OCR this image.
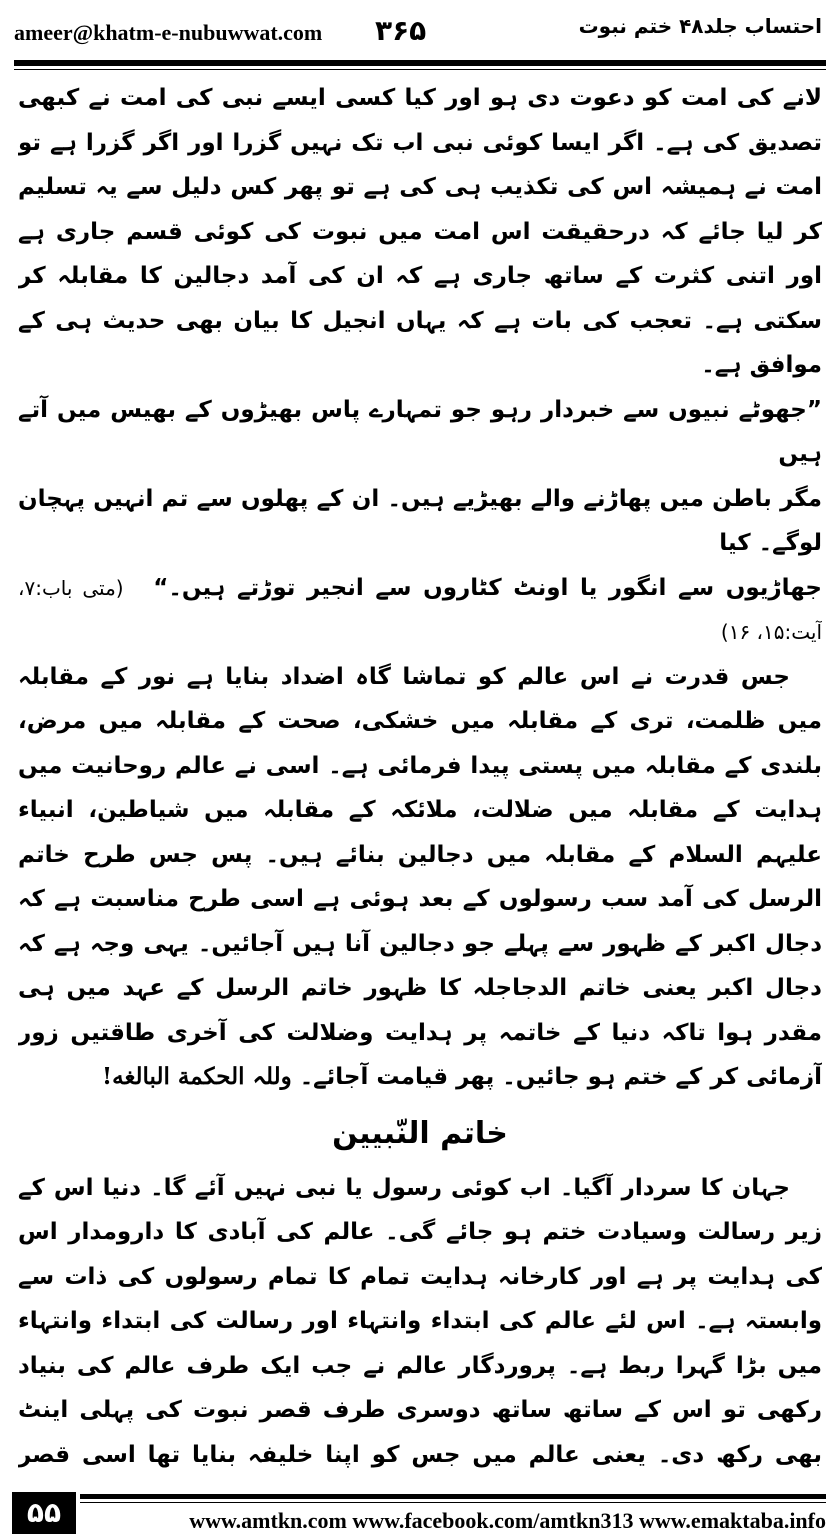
ameer@khatm-e-nubuwwat.com ۳۶۵	احتساب جلد۴۸ ختم نبوت

لانے کی امت کو دعوت دی ہو اور کیا کسی ایسے نبی کی امت نے کبھی تصدیق کی ہے۔ اگر ایسا کوئی نبی اب تک نہیں گزرا اور اگر گزرا ہے تو امت نے ہمیشہ اس کی تکذیب ہی کی ہے تو پھر کس دلیل سے یہ تسلیم کر لیا جائے کہ درحقیقت اس امت میں نبوت کی کوئی قسم جاری ہے اور اتنی کثرت کے ساتھ جاری ہے کہ ان کی آمد دجالین کا مقابلہ کر سکتی ہے۔ تعجب کی بات ہے کہ یہاں انجیل کا بیان بھی حدیث ہی کے موافق ہے۔

”جھوٹے نبیوں سے خبردار رہو جو تمہارے پاس بھیڑوں کے بھیس میں آتے ہیں
مگر باطن میں پھاڑنے والے بھیڑیے ہیں۔ ان کے پھلوں سے تم انہیں پہچان لوگے۔ کیا
جھاڑیوں سے انگور یا اونٹ کٹاروں سے انجیر توڑتے ہیں۔“ (متی باب:۷، آیت:۱۵، ۱۶)

جس قدرت نے اس عالم کو تماشا گاہ اضداد بنایا ہے نور کے مقابلہ میں ظلمت، تری کے مقابلہ میں خشکی، صحت کے مقابلہ میں مرض، بلندی کے مقابلہ میں پستی پیدا فرمائی ہے۔ اسی نے عالم روحانیت میں ہدایت کے مقابلہ میں ضلالت، ملائکہ کے مقابلہ میں شیاطین، انبیاء علیہم السلام کے مقابلہ میں دجالین بنائے ہیں۔ پس جس طرح خاتم الرسل کی آمد سب رسولوں کے بعد ہوئی ہے اسی طرح مناسبت ہے کہ دجال اکبر کے ظہور سے پہلے جو دجالین آنا ہیں آجائیں۔ یہی وجہ ہے کہ دجال اکبر یعنی خاتم الدجاجلہ کا ظہور خاتم الرسل کے عہد میں ہی مقدر ہوا تاکہ دنیا کے خاتمہ پر ہدایت وضلالت کی آخری طاقتیں زور آزمائی کر کے ختم ہو جائیں۔ پھر قیامت آجائے۔ وللہ الحکمة البالغه!

خاتم النّبیین

جہان کا سردار آگیا۔ اب کوئی رسول یا نبی نہیں آئے گا۔ دنیا اس کے زیر رسالت وسیادت ختم ہو جائے گی۔ عالم کی آبادی کا دارومدار اس کی ہدایت پر ہے اور کارخانہ ہدایت تمام کا تمام رسولوں کی ذات سے وابستہ ہے۔ اس لئے عالم کی ابتداء وانتہاء اور رسالت کی ابتداء وانتہاء میں بڑا گہرا ربط ہے۔ پروردگار عالم نے جب ایک طرف عالم کی بنیاد رکھی تو اس کے ساتھ ساتھ دوسری طرف قصر نبوت کی پہلی اینٹ بھی رکھ دی۔ یعنی عالم میں جس کو اپنا خلیفہ بنایا تھا اسی قصر

۵۵	www.amtkn.com www.facebook.com/amtkn313 www.emaktaba.info
